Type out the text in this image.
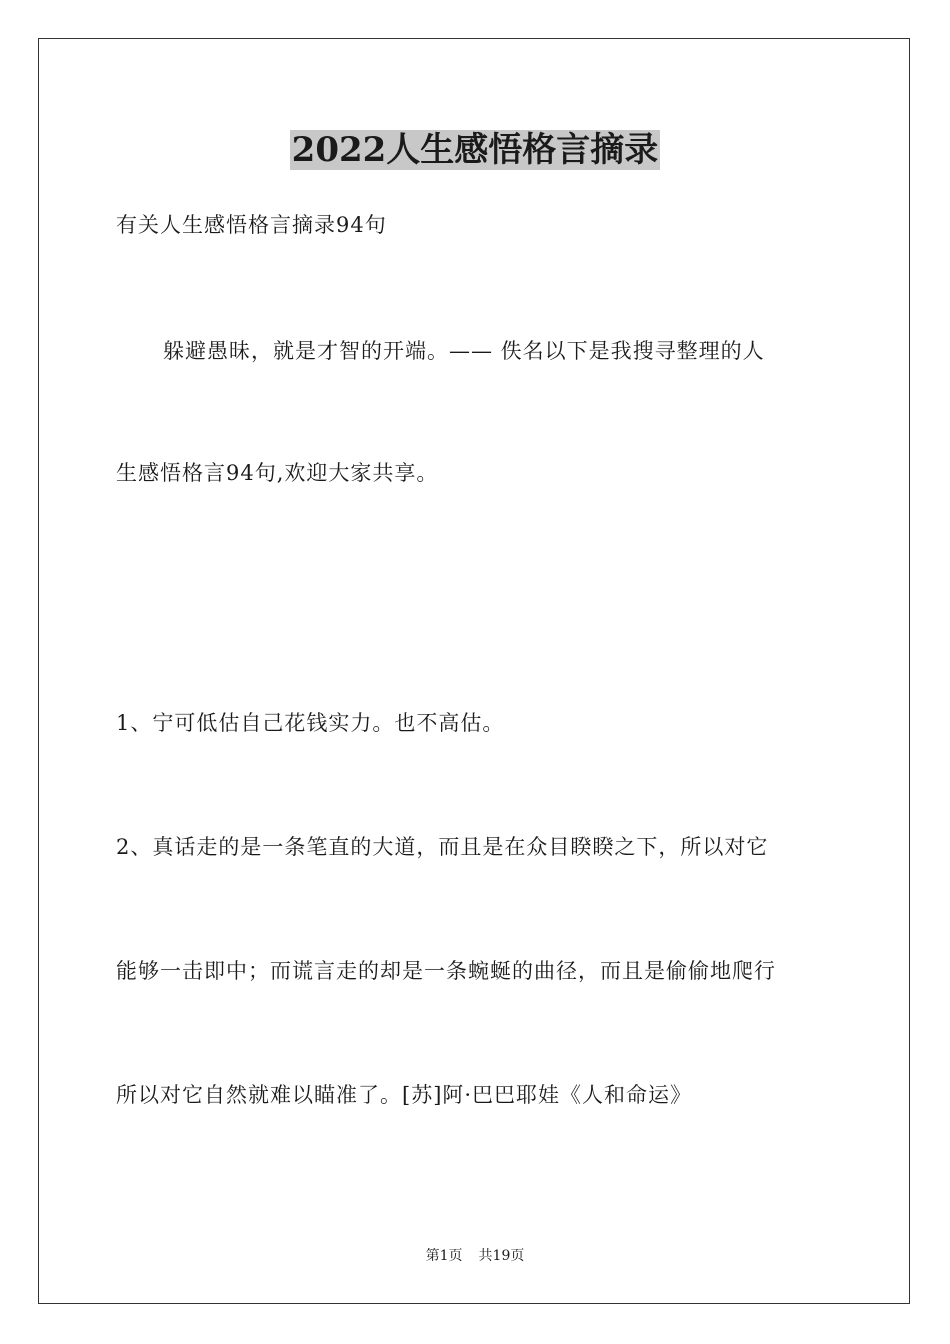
2022人生感悟格言摘录
有关人生感悟格言摘录94句
躲避愚昧，就是才智的开端。—— 佚名以下是我搜寻整理的人
生感悟格言94句,欢迎大家共享。
1、宁可低估自己花钱实力。也不高估。
2、真话走的是一条笔直的大道，而且是在众目睽睽之下，所以对它
能够一击即中；而谎言走的却是一条蜿蜒的曲径，而且是偷偷地爬行
所以对它自然就难以瞄准了。[苏]阿·巴巴耶娃《人和命运》
第1页 共19页
